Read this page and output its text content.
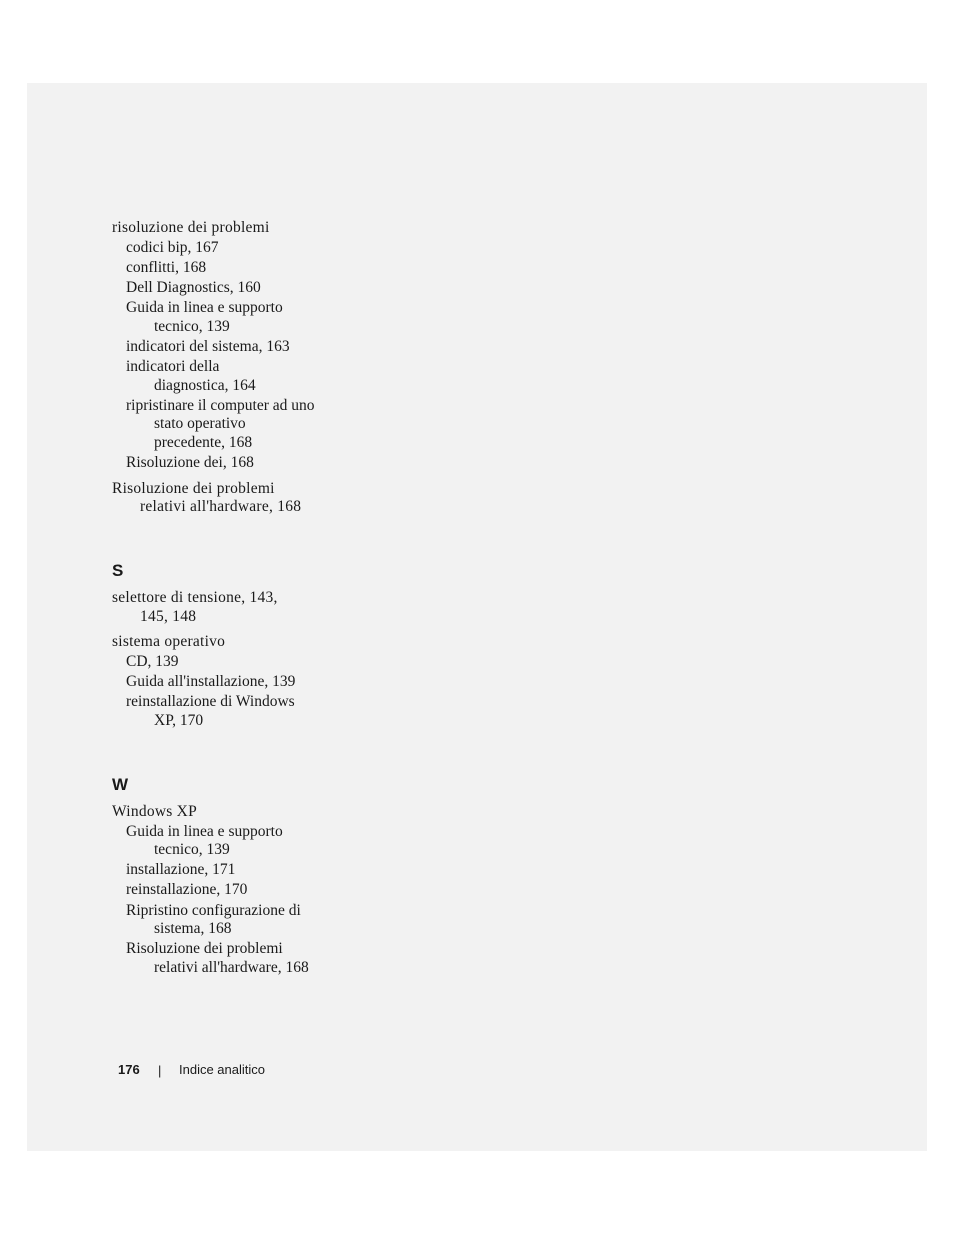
risoluzione dei problemi
codici bip, 167
conflitti, 168
Dell Diagnostics, 160
Guida in linea e supporto
tecnico, 139
indicatori del sistema, 163
indicatori della
diagnostica, 164
ripristinare il computer ad uno
stato operativo
precedente, 168
Risoluzione dei, 168
Risoluzione dei problemi
relativi all'hardware, 168
S
selettore di tensione, 143,
145, 148
sistema operativo
CD, 139
Guida all'installazione, 139
reinstallazione di Windows
XP, 170
W
Windows XP
Guida in linea e supporto
tecnico, 139
installazione, 171
reinstallazione, 170
Ripristino configurazione di
sistema, 168
Risoluzione dei problemi
relativi all'hardware, 168
176 | Indice analitico
